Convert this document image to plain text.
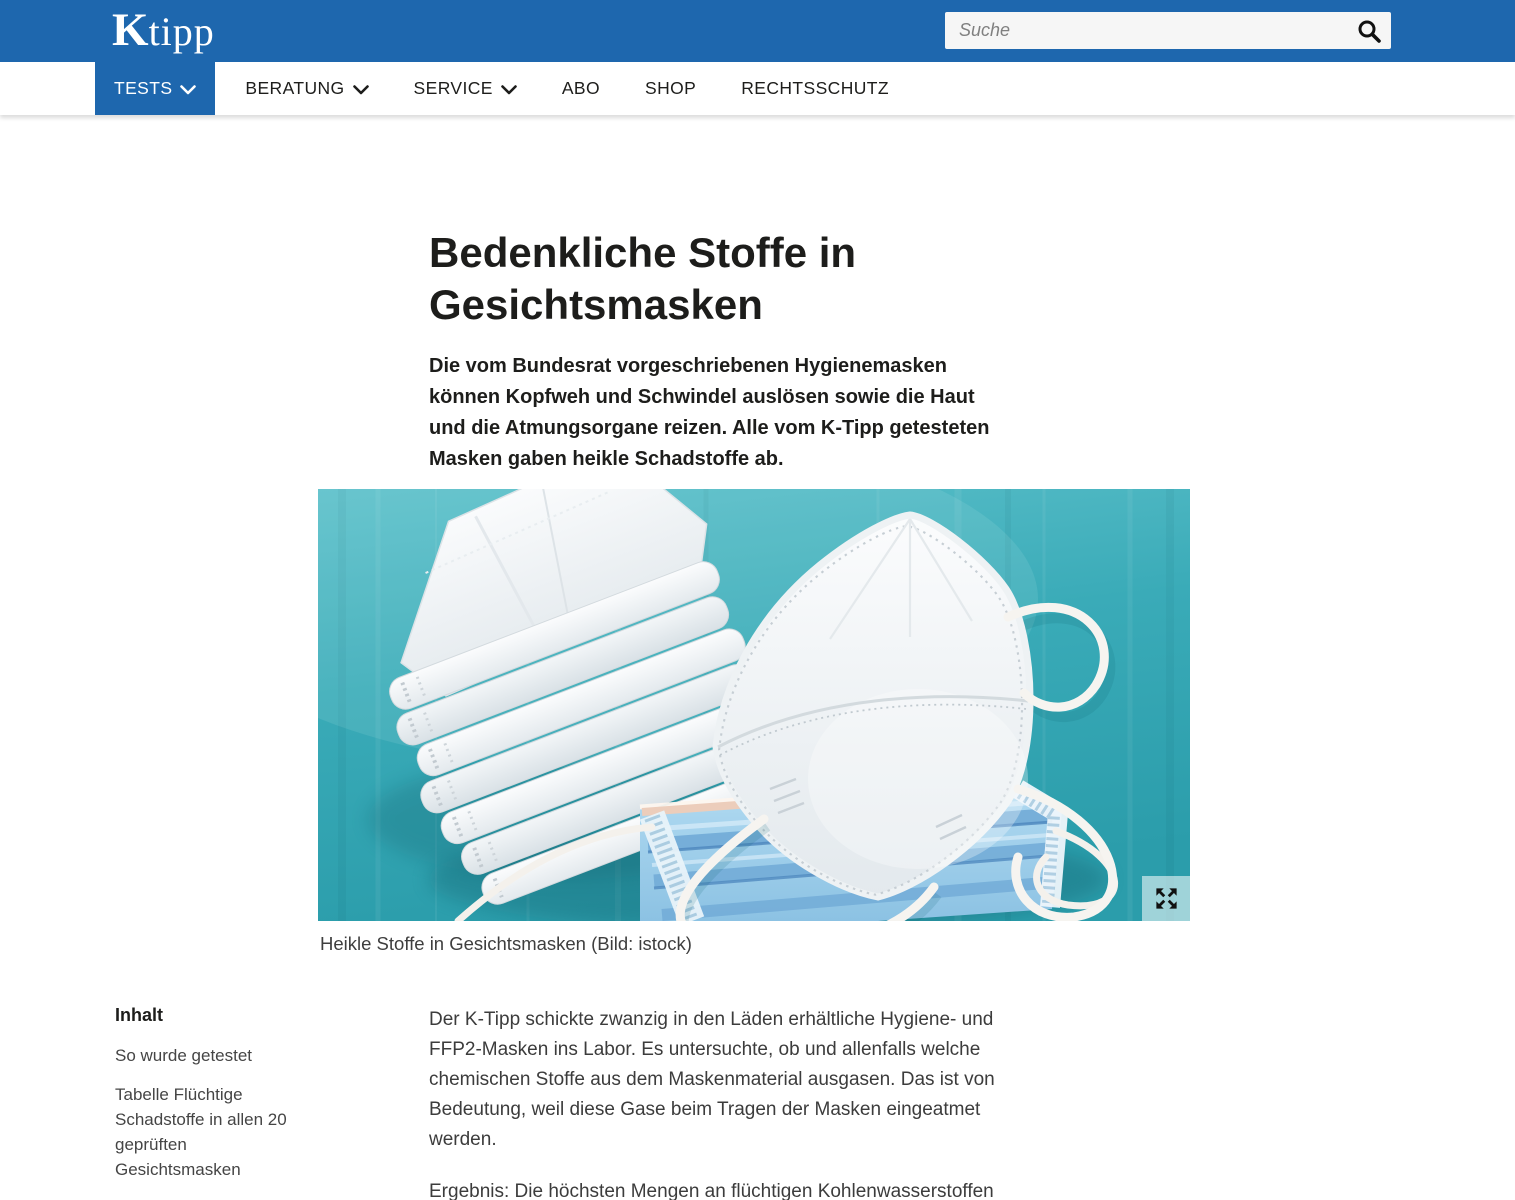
Ktipp
Suche
TESTS	BERATUNG	SERVICE	ABO	SHOP	RECHTSSCHUTZ
Bedenkliche Stoffe in
Gesichtsmasken
Die vom Bundesrat vorgeschriebenen Hygienemasken
können Kopfweh und Schwindel auslösen sowie die Haut
und die Atmungsorgane reizen. Alle vom K-Tipp getesteten
Masken gaben heikle Schadstoffe ab.
Heikle Stoffe in Gesichtsmasken (Bild: istock)
Inhalt
So wurde getestet
Tabelle Flüchtige Schadstoffe in allen 20 geprüften Gesichtsmasken
Der K-Tipp schickte zwanzig in den Läden erhältliche Hygiene- und
FFP2-Masken ins Labor. Es untersuchte, ob und allenfalls welche
chemischen Stoffe aus dem Maskenmaterial ausgasen. Das ist von
Bedeutung, weil diese Gase beim Tragen der Masken eingeatmet
werden.
Ergebnis: Die höchsten Mengen an flüchtigen Kohlenwasserstoffen
